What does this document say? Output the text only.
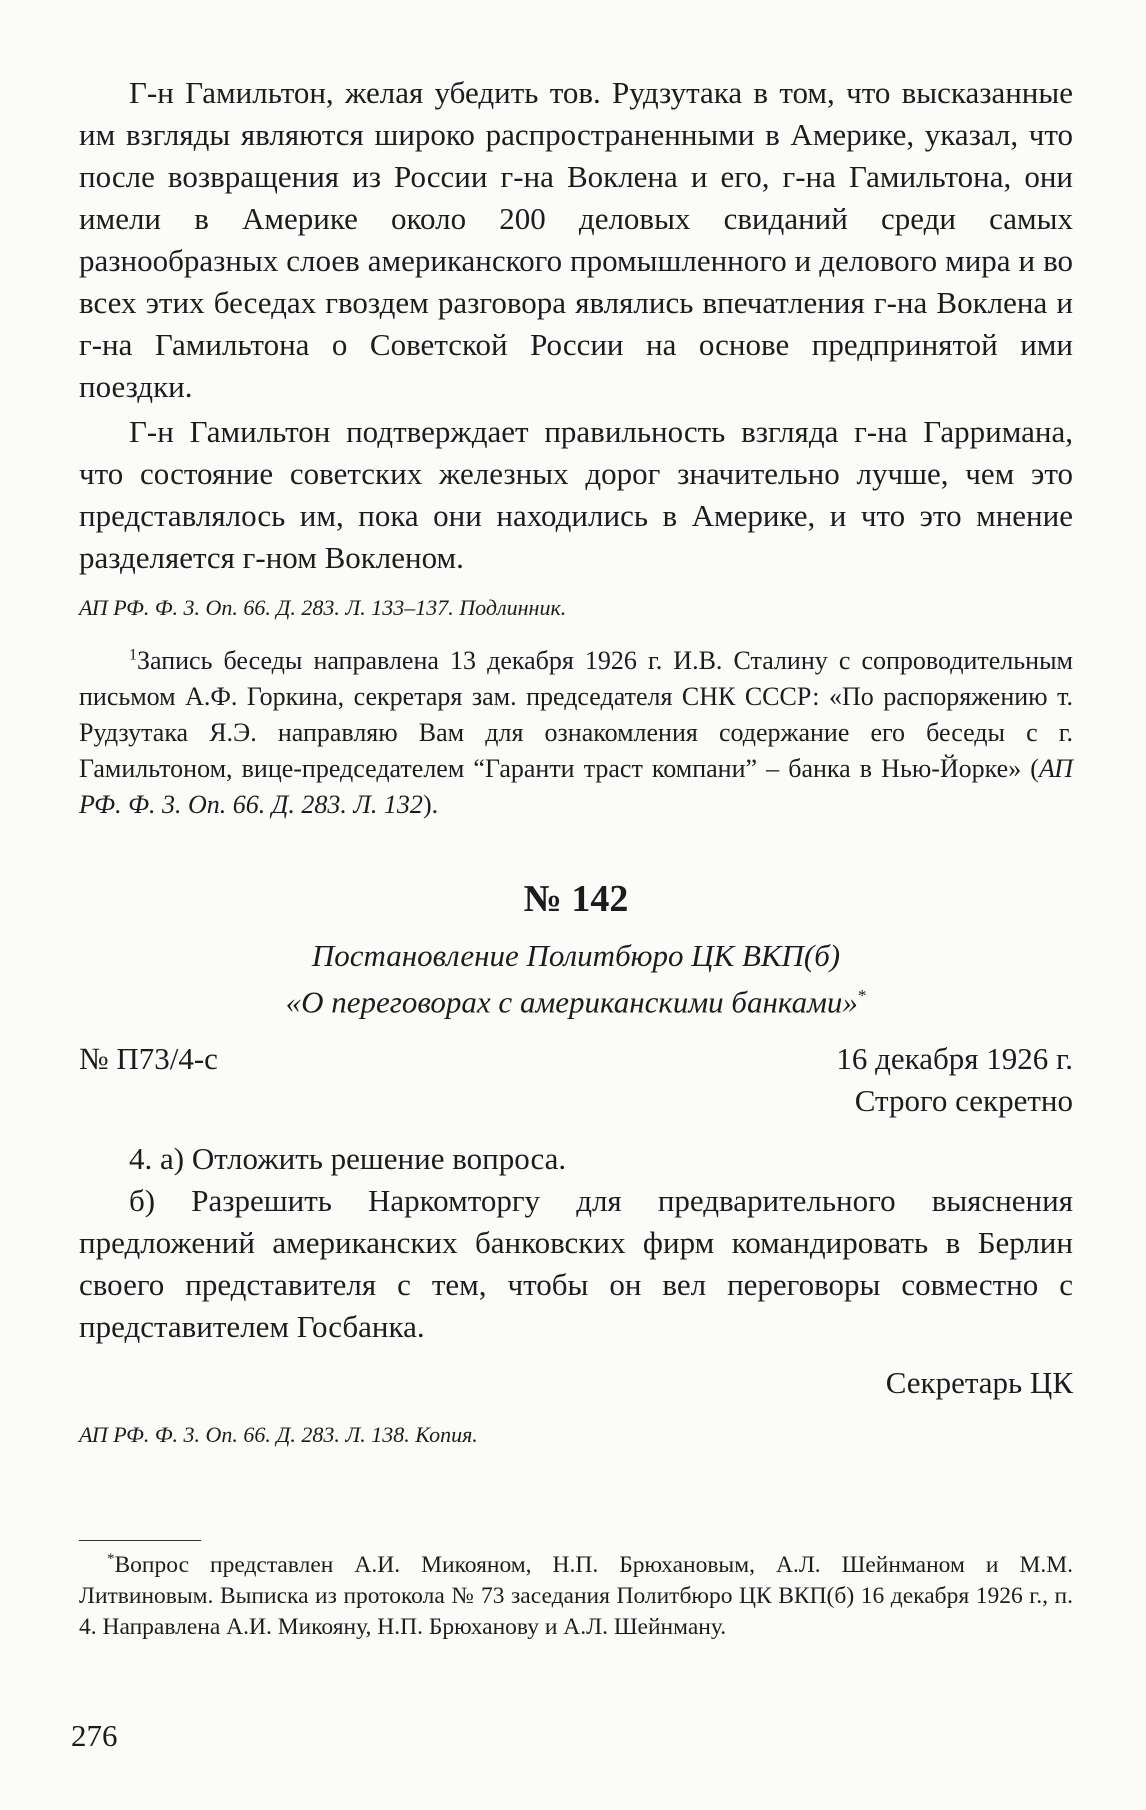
Г-н Гамильтон, желая убедить тов. Рудзутака в том, что высказанные им взгляды являются широко распространенными в Америке, указал, что после возвращения из России г-на Воклена и его, г-на Гамильтона, они имели в Америке около 200 деловых свиданий среди самых разнообразных слоев американского промышленного и делового мира и во всех этих беседах гвоздем разговора являлись впечатления г-на Воклена и г-на Гамильтона о Советской России на основе предпринятой ими поездки.

Г-н Гамильтон подтверждает правильность взгляда г-на Гарримана, что состояние советских железных дорог значительно лучше, чем это представлялось им, пока они находились в Америке, и что это мнение разделяется г-ном Вокленом.

АП РФ. Ф. 3. Оп. 66. Д. 283. Л. 133–137. Подлинник.

$^1$Запись беседы направлена 13 декабря 1926 г. И.В. Сталину с сопроводительным письмом А.Ф. Горкина, секретаря зам. председателя СНК СССР: «По распоряжению т. Рудзутака Я.Э. направляю Вам для ознакомления содержание его беседы с г. Гамильтоном, вице-председателем “Гаранти траст компани” – банка в Нью-Йорке» (АП РФ. Ф. 3. Оп. 66. Д. 283. Л. 132).

№ 142
Постановление Политбюро ЦК ВКП(б)
«О переговорах с американскими банками»*
№ П73/4-с	16 декабря 1926 г.
Строго секретно

4. а) Отложить решение вопроса.

б) Разрешить Наркомторгу для предварительного выяснения предложений американских банковских фирм командировать в Берлин своего представителя с тем, чтобы он вел переговоры совместно с представителем Госбанка.

Секретарь ЦК

АП РФ. Ф. 3. Оп. 66. Д. 283. Л. 138. Копия.

*Вопрос представлен А.И. Микояном, Н.П. Брюхановым, А.Л. Шейнманом и М.М. Литвиновым. Выписка из протокола № 73 заседания Политбюро ЦК ВКП(б) 16 декабря 1926 г., п. 4. Направлена А.И. Микояну, Н.П. Брюханову и А.Л. Шейнману.

276
